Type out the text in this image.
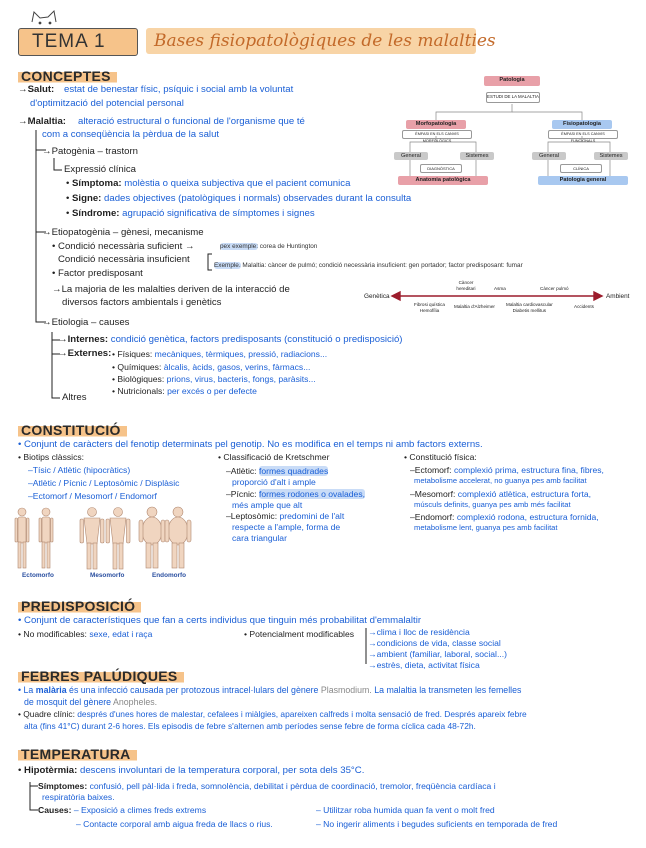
TEMA 1	Bases fisiopatològiques de les malalties
CONCEPTES
→Salut: estat de benestar físic, psíquic i social amb la voluntat
d'optimització del potencial personal
→Malaltia: alteració estructural o funcional de l'organisme que té
com a conseqüència la pèrdua de la salut
→Patogènia – trastorn
Expressió clínica
• Símptoma: molèstia o queixa subjectiva que el pacient comunica
• Signe: dades objectives (patològiques i normals) observades durant la consulta
• Síndrome: agrupació significativa de símptomes i signes
→Etiopatogènia – gènesi, mecanisme
• Condició necessària suficient →	pex exemple: corea de Huntington
Condició necessària insuficient
Exemple. Malaltia: càncer de pulmó; condició necessària insuficient: gen portador; factor predisposant: fumar
• Factor predisposant
→La majoria de les malalties deriven de la interacció de
diversos factors ambientals i genètics
→Etiologia – causes
→Internes: condició genètica, factors predisposants (constitució o predisposició)
→Externes: • Físiques: mecàniques, tèrmiques, pressió, radiacions...
• Químiques: àlcalis, àcids, gasos, verins, fàrmacs...
• Biològiques: prions, virus, bacteris, fongs, paràsits...
• Nutricionals: per excés o per defecte
Altres
Patologia
ESTUDI DE LA MALALTIA
Morfopatologia
ÈMFASI EN ELS CANVIS MORFOLÒGICS
Fisiopatologia
ÈMFASI EN ELS CANVIS FUNCIONALS
General	Sistemes	General	Sistemes
DIAGNÒSTICA	CLÍNICA
Anatomia patològica	Patologia general
Genètica	Ambient
Càncer hereditari	Asma	Càncer pulmó
Fibrosi quística
Hemofília
Malaltia d'Alzheimer Malaltia cardiovascular
Diabetis mellitus
Accidents
CONSTITUCIÓ
• Conjunt de caràcters del fenotip determinats pel genotip. No es modifica en el temps ni amb factors externs.
• Biotips clàssics:
–Tísic / Atlètic (hipocràtics)
–Atlètic / Pícnic / Leptosòmic / Displàsic
–Ectomorf / Mesomorf / Endomorf
Ectomorfo	Mesomorfo	Endomorfo
• Classificació de Kretschmer
–Atlètic: formes quadrades
proporció d'alt i ample
–Pícnic: formes rodones o ovalades,
més ample que alt
–Leptosòmic: predomini de l'alt
respecte a l'ample, forma de
cara triangular
• Constitució física:
–Ectomorf: complexió prima, estructura fina, fibres,
metabolisme accelerat, no guanya pes amb facilitat
–Mesomorf: complexió atlètica, estructura forta,
músculs definits, guanya pes amb més facilitat
–Endomorf: complexió rodona, estructura fornida,
metabolisme lent, guanya pes amb facilitat
PREDISPOSICIÓ
• Conjunt de característiques que fan a certs individus que tinguin més probabilitat d'emmalaltir
• No modificables: sexe, edat i raça	• Potencialment modificables →clima i lloc de residència
→condicions de vida, classe social
→ambient (familiar, laboral, social...)
→estrès, dieta, activitat física
FEBRES PALÚDIQUES
• La malària és una infecció causada per protozous intracel·lulars del gènere Plasmodium. La malaltia la transmeten les femelles
de mosquit del gènere Anopheles.
• Quadre clínic: després d'unes hores de malestar, cefalees i miàlgies, apareixen calfreds i molta sensació de fred. Després apareix febre
alta (fins 41°C) durant 2-6 hores. Els episodis de febre s'alternen amb períodes sense febre de forma cíclica cada 48-72h.
TEMPERATURA
• Hipotèrmia: descens involuntari de la temperatura corporal, per sota dels 35°C.
Símptomes: confusió, pell pàl·lida i freda, somnolència, debilitat i pèrdua de coordinació, tremolor, freqüència cardíaca i
respiratòria baixes.
Causes: – Exposició a climes freds extrems
– Contacte corporal amb aigua freda de llacs o rius.
– Utilitzar roba humida quan fa vent o molt fred
– No ingerir aliments i begudes suficients en temporada de fred
